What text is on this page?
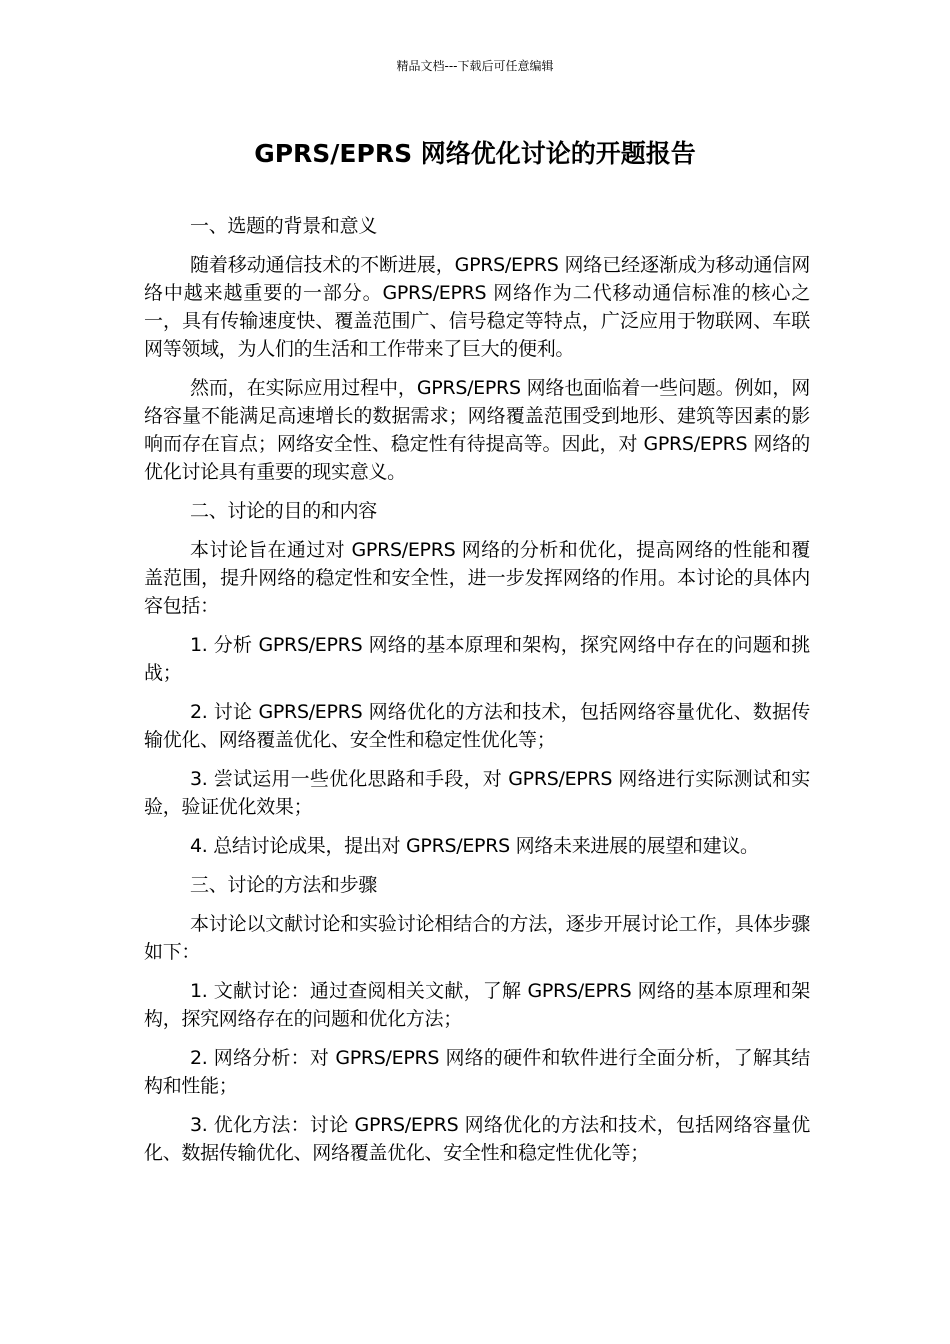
精品文档---下载后可任意编辑
GPRS/EPRS 网络优化讨论的开题报告

一、选题的背景和意义

随着移动通信技术的不断进展，GPRS/EPRS 网络已经逐渐成为移动通信网络中越来越重要的一部分。GPRS/EPRS 网络作为二代移动通信标准的核心之一，具有传输速度快、覆盖范围广、信号稳定等特点，广泛应用于物联网、车联网等领域，为人们的生活和工作带来了巨大的便利。

然而，在实际应用过程中，GPRS/EPRS 网络也面临着一些问题。例如，网络容量不能满足高速增长的数据需求；网络覆盖范围受到地形、建筑等因素的影响而存在盲点；网络安全性、稳定性有待提高等。因此，对 GPRS/EPRS 网络的优化讨论具有重要的现实意义。

二、讨论的目的和内容

本讨论旨在通过对 GPRS/EPRS 网络的分析和优化，提高网络的性能和覆盖范围，提升网络的稳定性和安全性，进一步发挥网络的作用。本讨论的具体内容包括：

1. 分析 GPRS/EPRS 网络的基本原理和架构，探究网络中存在的问题和挑战；

2. 讨论 GPRS/EPRS 网络优化的方法和技术，包括网络容量优化、数据传输优化、网络覆盖优化、安全性和稳定性优化等；

3. 尝试运用一些优化思路和手段，对 GPRS/EPRS 网络进行实际测试和实验，验证优化效果；

4. 总结讨论成果，提出对 GPRS/EPRS 网络未来进展的展望和建议。

三、讨论的方法和步骤

本讨论以文献讨论和实验讨论相结合的方法，逐步开展讨论工作，具体步骤如下：

1. 文献讨论：通过查阅相关文献，了解 GPRS/EPRS 网络的基本原理和架构，探究网络存在的问题和优化方法；

2. 网络分析：对 GPRS/EPRS 网络的硬件和软件进行全面分析，了解其结构和性能；

3. 优化方法：讨论 GPRS/EPRS 网络优化的方法和技术，包括网络容量优化、数据传输优化、网络覆盖优化、安全性和稳定性优化等；
